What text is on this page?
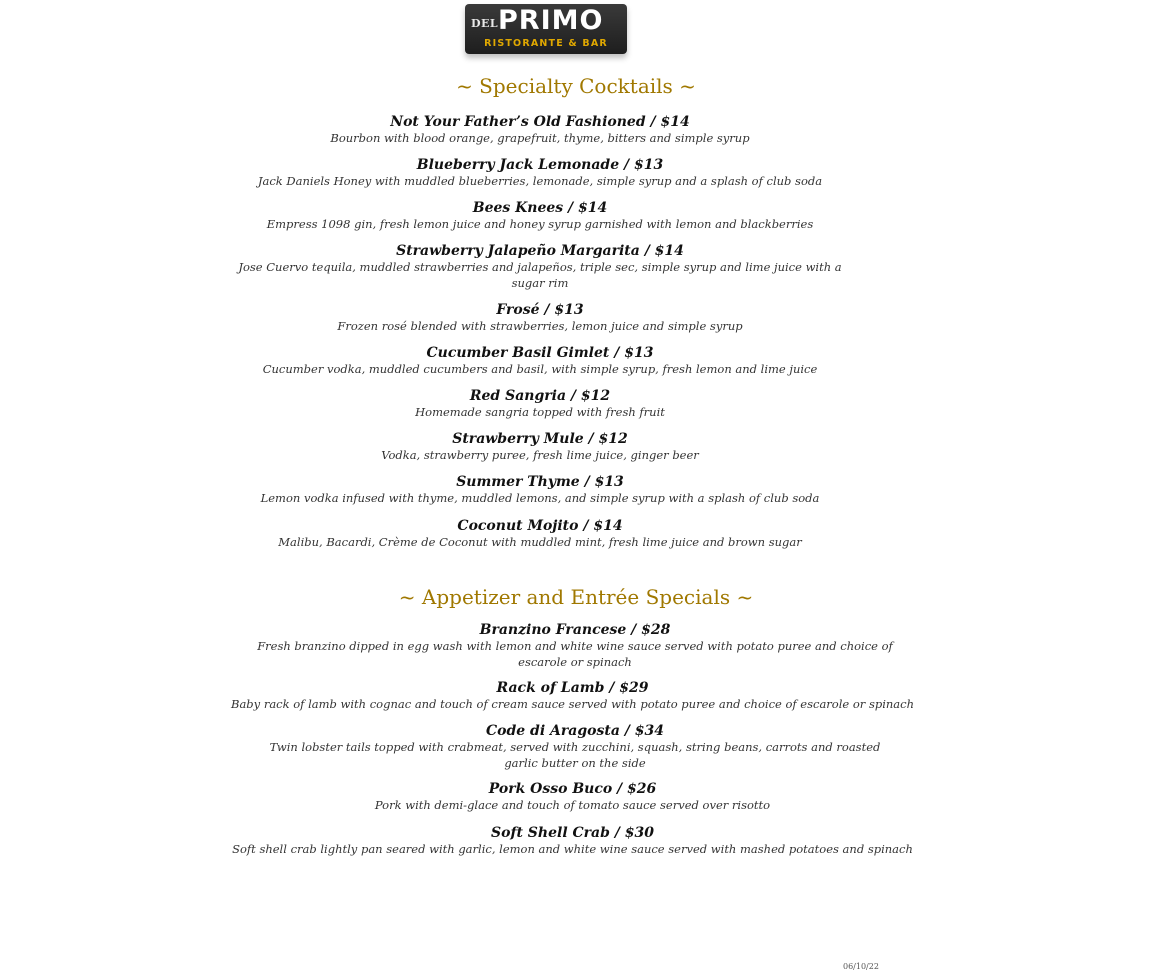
DEL PRIMO
RISTORANTE & BAR
~ Specialty Cocktails ~
Not Your Father’s Old Fashioned / $14
Bourbon with blood orange, grapefruit, thyme, bitters and simple syrup
Blueberry Jack Lemonade / $13
Jack Daniels Honey with muddled blueberries, lemonade, simple syrup and a splash of club soda
Bees Knees / $14
Empress 1098 gin, fresh lemon juice and honey syrup garnished with lemon and blackberries
Strawberry Jalapeño Margarita / $14
Jose Cuervo tequila, muddled strawberries and jalapeños, triple sec, simple syrup and lime juice with a sugar rim
Frosé / $13
Frozen rosé blended with strawberries, lemon juice and simple syrup
Cucumber Basil Gimlet / $13
Cucumber vodka, muddled cucumbers and basil, with simple syrup, fresh lemon and lime juice
Red Sangria / $12
Homemade sangria topped with fresh fruit
Strawberry Mule / $12
Vodka, strawberry puree, fresh lime juice, ginger beer
Summer Thyme / $13
Lemon vodka infused with thyme, muddled lemons, and simple syrup with a splash of club soda
Coconut Mojito / $14
Malibu, Bacardi, Crème de Coconut with muddled mint, fresh lime juice and brown sugar
~ Appetizer and Entrée Specials ~
Branzino Francese / $28
Fresh branzino dipped in egg wash with lemon and white wine sauce served with potato puree and choice of escarole or spinach
Rack of Lamb / $29
Baby rack of lamb with cognac and touch of cream sauce served with potato puree and choice of escarole or spinach
Code di Aragosta / $34
Twin lobster tails topped with crabmeat, served with zucchini, squash, string beans, carrots and roasted garlic butter on the side
Pork Osso Buco / $26
Pork with demi-glace and touch of tomato sauce served over risotto
Soft Shell Crab / $30
Soft shell crab lightly pan seared with garlic, lemon and white wine sauce served with mashed potatoes and spinach
06/10/22
